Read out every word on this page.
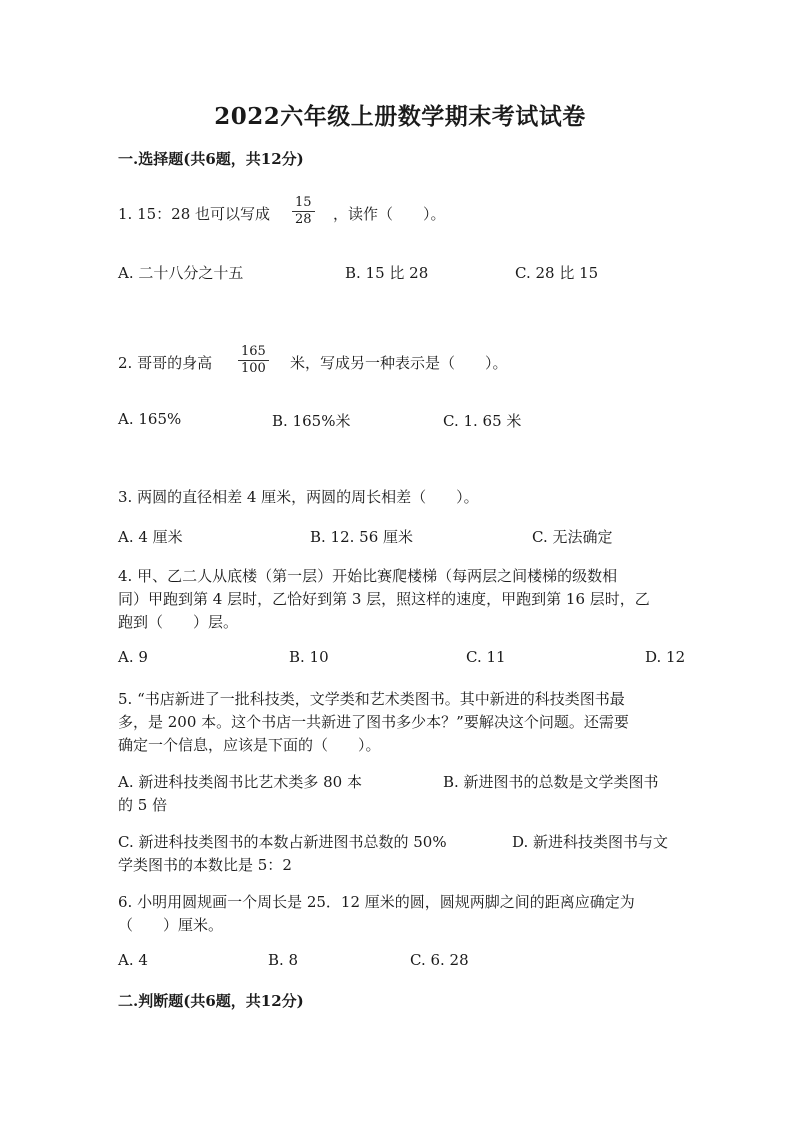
2022六年级上册数学期末考试试卷
一.选择题(共6题，共12分)
1. 15：28 也可以写成
15
28 ，读作（　　）。
A. 二十八分之十五	B. 15 比 28	C. 28 比 15
2. 哥哥的身高
165
100 米，写成另一种表示是（　　）。
A. 165%	B. 165%米	C. 1. 65 米
3. 两圆的直径相差 4 厘米，两圆的周长相差（　　）。
A. 4 厘米	B. 12. 56 厘米	C. 无法确定
4. 甲、乙二人从底楼（第一层）开始比赛爬楼梯（每两层之间楼梯的级数相
同）甲跑到第 4 层时，乙恰好到第 3 层，照这样的速度，甲跑到第 16 层时，乙
跑到（　　）层。
A. 9	B. 10	C. 11	D. 12
5. “书店新进了一批科技类，文学类和艺术类图书。其中新进的科技类图书最
多，是 200 本。这个书店一共新进了图书多少本？”要解决这个问题。还需要
确定一个信息，应该是下面的（　　）。
A. 新进科技类阁书比艺术类多 80 本	B. 新进图书的总数是文学类图书
的 5 倍
C. 新进科技类图书的本数占新进图书总数的 50%	D. 新进科技类图书与文
学类图书的本数比是 5：2
6. 小明用圆规画一个周长是 25．12 厘米的圆，圆规两脚之间的距离应确定为
（　　）厘米。
A. 4	B. 8	C. 6. 28
二.判断题(共6题，共12分)
